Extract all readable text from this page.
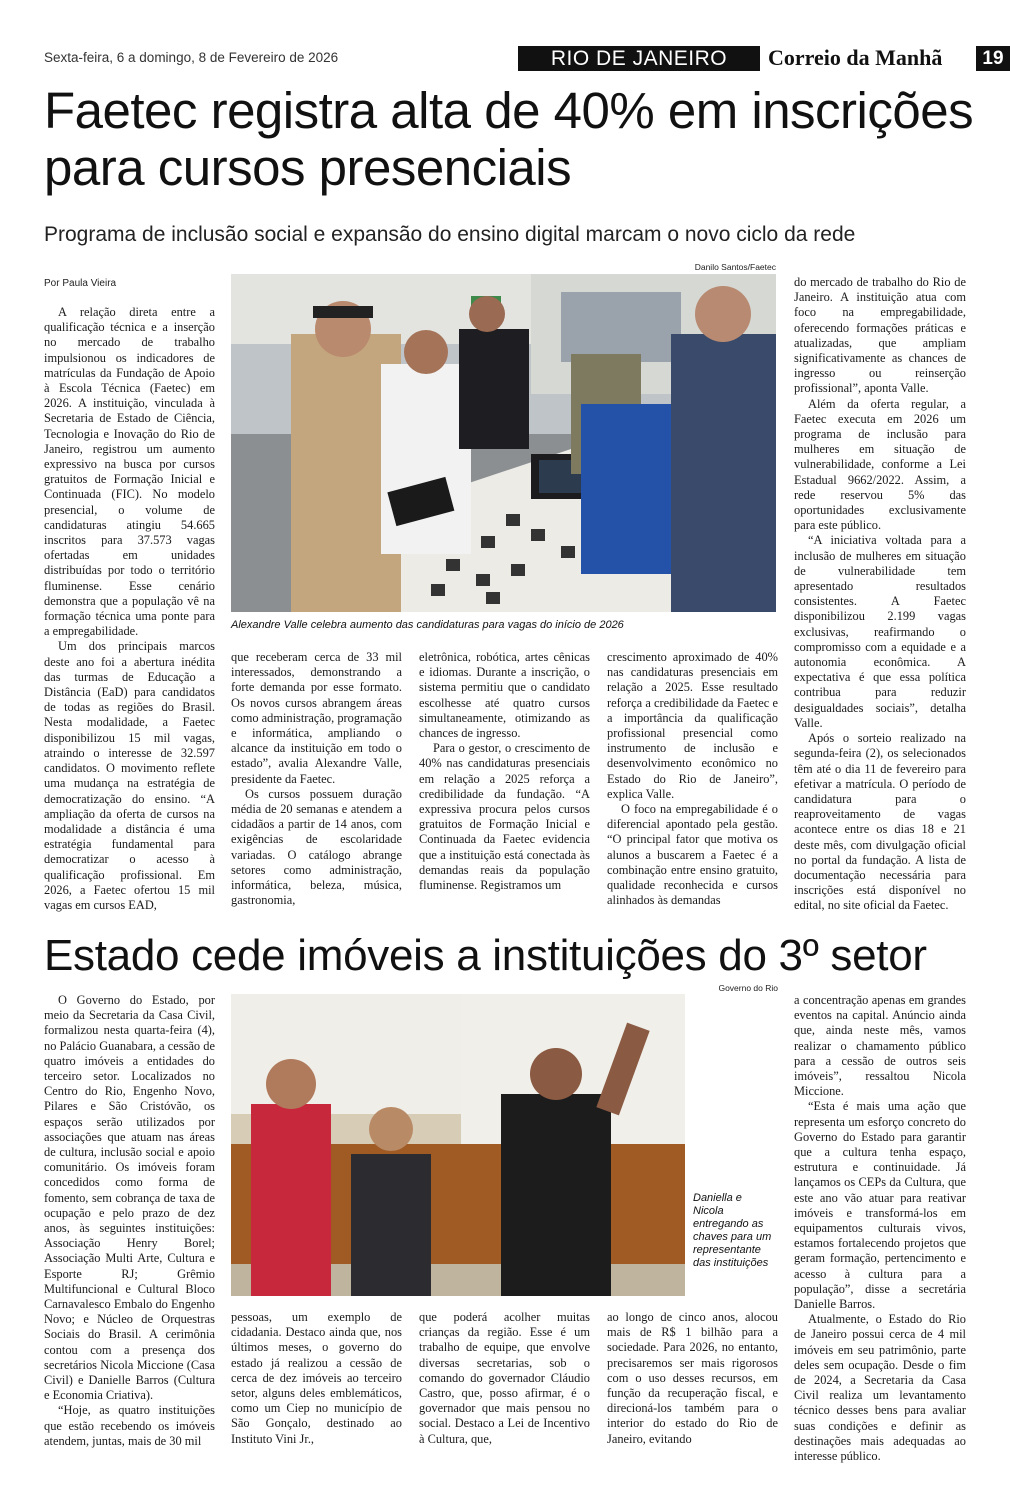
Sexta-feira, 6 a domingo, 8 de Fevereiro de 2026	RIO DE JANEIRO	Correio da Manhã	19
Faetec registra alta de 40% em inscrições para cursos presenciais
Programa de inclusão social e expansão do ensino digital marcam o novo ciclo da rede
Por Paula Vieira

A relação direta entre a qualificação técnica e a inserção no mercado de trabalho impulsionou os indicadores de matrículas da Fundação de Apoio à Escola Técnica (Faetec) em 2026. A instituição, vinculada à Secretaria de Estado de Ciência, Tecnologia e Inovação do Rio de Janeiro, registrou um aumento expressivo na busca por cursos gratuitos de Formação Inicial e Continuada (FIC). No modelo presencial, o volume de candidaturas atingiu 54.665 inscritos para 37.573 vagas ofertadas em unidades distribuídas por todo o território fluminense. Esse cenário demonstra que a população vê na formação técnica uma ponte para a empregabilidade.

Um dos principais marcos deste ano foi a abertura inédita das turmas de Educação a Distância (EaD) para candidatos de todas as regiões do Brasil. Nesta modalidade, a Faetec disponibilizou 15 mil vagas, atraindo o interesse de 32.597 candidatos. O movimento reflete uma mudança na estratégia de democratização do ensino. “A ampliação da oferta de cursos na modalidade a distância é uma estratégia fundamental para democratizar o acesso à qualificação profissional. Em 2026, a Faetec ofertou 15 mil vagas em cursos EAD,

Danilo Santos/Faetec
Alexandre Valle celebra aumento das candidaturas para vagas do início de 2026

que receberam cerca de 33 mil interessados, demonstrando a forte demanda por esse formato. Os novos cursos abrangem áreas como administração, programação e informática, ampliando o alcance da instituição em todo o estado”, avalia Alexandre Valle, presidente da Faetec.

Os cursos possuem duração média de 20 semanas e atendem a cidadãos a partir de 14 anos, com exigências de escolaridade variadas. O catálogo abrange setores como administração, informática, beleza, música, gastronomia,

eletrônica, robótica, artes cênicas e idiomas. Durante a inscrição, o sistema permitiu que o candidato escolhesse até quatro cursos simultaneamente, otimizando as chances de ingresso.

Para o gestor, o crescimento de 40% nas candidaturas presenciais em relação a 2025 reforça a credibilidade da fundação. “A expressiva procura pelos cursos gratuitos de Formação Inicial e Continuada da Faetec evidencia que a instituição está conectada às demandas reais da população fluminense. Registramos um

crescimento aproximado de 40% nas candidaturas presenciais em relação a 2025. Esse resultado reforça a credibilidade da Faetec e a importância da qualificação profissional presencial como instrumento de inclusão e desenvolvimento econômico no Estado do Rio de Janeiro”, explica Valle.

O foco na empregabilidade é o diferencial apontado pela gestão. “O principal fator que motiva os alunos a buscarem a Faetec é a combinação entre ensino gratuito, qualidade reconhecida e cursos alinhados às demandas

do mercado de trabalho do Rio de Janeiro. A instituição atua com foco na empregabilidade, oferecendo formações práticas e atualizadas, que ampliam significativamente as chances de ingresso ou reinserção profissional”, aponta Valle.

Além da oferta regular, a Faetec executa em 2026 um programa de inclusão para mulheres em situação de vulnerabilidade, conforme a Lei Estadual 9662/2022. Assim, a rede reservou 5% das oportunidades exclusivamente para este público.

“A iniciativa voltada para a inclusão de mulheres em situação de vulnerabilidade tem apresentado resultados consistentes. A Faetec disponibilizou 2.199 vagas exclusivas, reafirmando o compromisso com a equidade e a autonomia econômica. A expectativa é que essa política contribua para reduzir desigualdades sociais”, detalha Valle.

Após o sorteio realizado na segunda-feira (2), os selecionados têm até o dia 11 de fevereiro para efetivar a matrícula. O período de candidatura para o reaproveitamento de vagas acontece entre os dias 18 e 21 deste mês, com divulgação oficial no portal da fundação. A lista de documentação necessária para inscrições está disponível no edital, no site oficial da Faetec.

Estado cede imóveis a instituições do 3º setor

O Governo do Estado, por meio da Secretaria da Casa Civil, formalizou nesta quarta-feira (4), no Palácio Guanabara, a cessão de quatro imóveis a entidades do terceiro setor. Localizados no Centro do Rio, Engenho Novo, Pilares e São Cristóvão, os espaços serão utilizados por associações que atuam nas áreas de cultura, inclusão social e apoio comunitário. Os imóveis foram concedidos como forma de fomento, sem cobrança de taxa de ocupação e pelo prazo de dez anos, às seguintes instituições: Associação Henry Borel; Associação Multi Arte, Cultura e Esporte RJ; Grêmio Multifuncional e Cultural Bloco Carnavalesco Embalo do Engenho Novo; e Núcleo de Orquestras Sociais do Brasil. A cerimônia contou com a presença dos secretários Nicola Miccione (Casa Civil) e Danielle Barros (Cultura e Economia Criativa).

“Hoje, as quatro instituições que estão recebendo os imóveis atendem, juntas, mais de 30 mil

Governo do Rio
Daniella e Nicola entregando as chaves para um representante das instituições

pessoas, um exemplo de cidadania. Destaco ainda que, nos últimos meses, o governo do estado já realizou a cessão de cerca de dez imóveis ao terceiro setor, alguns deles emblemáticos, como um Ciep no município de São Gonçalo, destinado ao Instituto Vini Jr.,

que poderá acolher muitas crianças da região. Esse é um trabalho de equipe, que envolve diversas secretarias, sob o comando do governador Cláudio Castro, que, posso afirmar, é o governador que mais pensou no social. Destaco a Lei de Incentivo à Cultura, que,

ao longo de cinco anos, alocou mais de R$ 1 bilhão para a sociedade. Para 2026, no entanto, precisaremos ser mais rigorosos com o uso desses recursos, em função da recuperação fiscal, e direcioná-los também para o interior do estado do Rio de Janeiro, evitando

a concentração apenas em grandes eventos na capital. Anúncio ainda que, ainda neste mês, vamos realizar o chamamento público para a cessão de outros seis imóveis”, ressaltou Nicola Miccione.

“Esta é mais uma ação que representa um esforço concreto do Governo do Estado para garantir que a cultura tenha espaço, estrutura e continuidade. Já lançamos os CEPs da Cultura, que este ano vão atuar para reativar imóveis e transformá-los em equipamentos culturais vivos, estamos fortalecendo projetos que geram formação, pertencimento e acesso à cultura para a população”, disse a secretária Danielle Barros.

Atualmente, o Estado do Rio de Janeiro possui cerca de 4 mil imóveis em seu patrimônio, parte deles sem ocupação. Desde o fim de 2024, a Secretaria da Casa Civil realiza um levantamento técnico desses bens para avaliar suas condições e definir as destinações mais adequadas ao interesse público.
